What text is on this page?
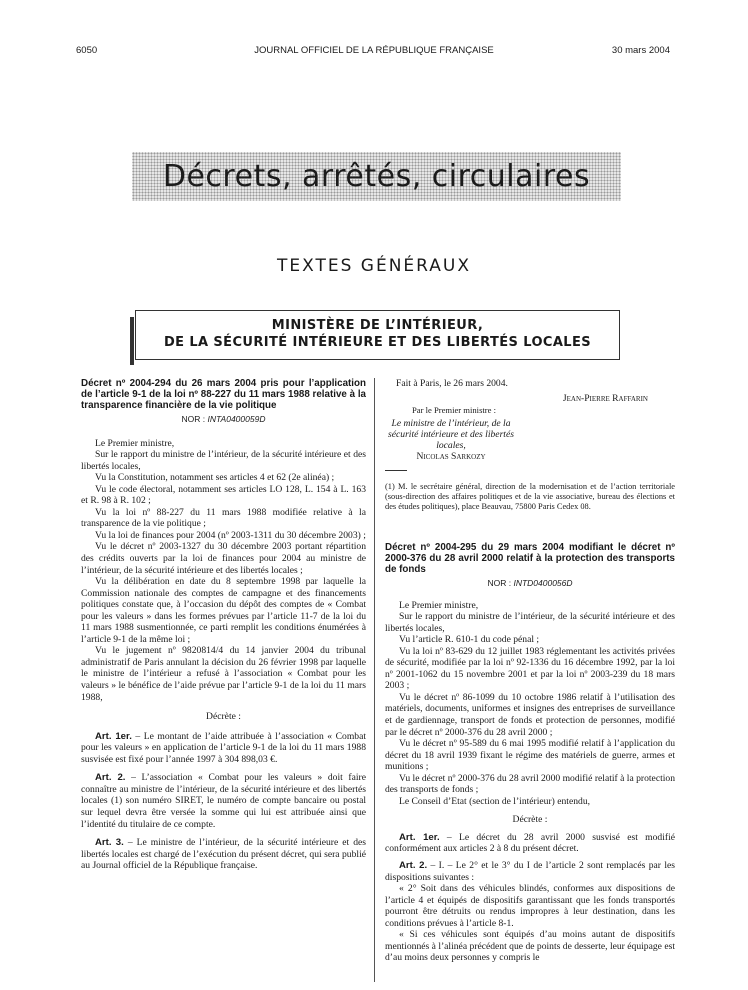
6050	JOURNAL OFFICIEL DE LA RÉPUBLIQUE FRANÇAISE	30 mars 2004
Décrets, arrêtés, circulaires
TEXTES GÉNÉRAUX
MINISTÈRE DE L’INTÉRIEUR,
DE LA SÉCURITÉ INTÉRIEURE ET DES LIBERTÉS LOCALES
Décret nº 2004-294 du 26 mars 2004 pris pour l’application de l’article 9-1 de la loi nº 88-227 du 11 mars 1988 relative à la transparence financière de la vie politique
NOR : INTA0400059D

Le Premier ministre,

Sur le rapport du ministre de l’intérieur, de la sécurité intérieure et des libertés locales,

Vu la Constitution, notamment ses articles 4 et 62 (2e alinéa) ;

Vu le code électoral, notamment ses articles LO 128, L. 154 à L. 163 et R. 98 à R. 102 ;

Vu la loi nº 88-227 du 11 mars 1988 modifiée relative à la transparence de la vie politique ;

Vu la loi de finances pour 2004 (nº 2003-1311 du 30 décembre 2003) ;

Vu le décret nº 2003-1327 du 30 décembre 2003 portant répartition des crédits ouverts par la loi de finances pour 2004 au ministre de l’intérieur, de la sécurité intérieure et des libertés locales ;

Vu la délibération en date du 8 septembre 1998 par laquelle la Commission nationale des comptes de campagne et des financements politiques constate que, à l’occasion du dépôt des comptes de « Combat pour les valeurs » dans les formes prévues par l’article 11-7 de la loi du 11 mars 1988 susmentionnée, ce parti remplit les conditions énumérées à l’article 9-1 de la même loi ;

Vu le jugement nº 9820814/4 du 14 janvier 2004 du tribunal administratif de Paris annulant la décision du 26 février 1998 par laquelle le ministre de l’intérieur a refusé à l’association « Combat pour les valeurs » le bénéfice de l’aide prévue par l’article 9-1 de la loi du 11 mars 1988,

Décrète :

Art. 1er. – Le montant de l’aide attribuée à l’association « Combat pour les valeurs » en application de l’article 9-1 de la loi du 11 mars 1988 susvisée est fixé pour l’année 1997 à 304 898,03 €.

Art. 2. – L’association « Combat pour les valeurs » doit faire connaître au ministre de l’intérieur, de la sécurité intérieure et des libertés locales (1) son numéro SIRET, le numéro de compte bancaire ou postal sur lequel devra être versée la somme qui lui est attribuée ainsi que l’identité du titulaire de ce compte.

Art. 3. – Le ministre de l’intérieur, de la sécurité intérieure et des libertés locales est chargé de l’exécution du présent décret, qui sera publié au Journal officiel de la République française.

Fait à Paris, le 26 mars 2004.
Jean-Pierre Raffarin
Par le Premier ministre :
Le ministre de l’intérieur, de la sécurité intérieure et des libertés locales,
Nicolas Sarkozy
(1) M. le secrétaire général, direction de la modernisation et de l’action territoriale (sous-direction des affaires politiques et de la vie associative, bureau des élections et des études politiques), place Beauvau, 75800 Paris Cedex 08.
Décret nº 2004-295 du 29 mars 2004 modifiant le décret nº 2000-376 du 28 avril 2000 relatif à la protection des transports de fonds
NOR : INTD0400056D

Le Premier ministre,

Sur le rapport du ministre de l’intérieur, de la sécurité intérieure et des libertés locales,

Vu l’article R. 610-1 du code pénal ;

Vu la loi nº 83-629 du 12 juillet 1983 réglementant les activités privées de sécurité, modifiée par la loi nº 92-1336 du 16 décembre 1992, par la loi nº 2001-1062 du 15 novembre 2001 et par la loi nº 2003-239 du 18 mars 2003 ;

Vu le décret nº 86-1099 du 10 octobre 1986 relatif à l’utilisation des matériels, documents, uniformes et insignes des entreprises de surveillance et de gardiennage, transport de fonds et protection de personnes, modifié par le décret nº 2000-376 du 28 avril 2000 ;

Vu le décret nº 95-589 du 6 mai 1995 modifié relatif à l’application du décret du 18 avril 1939 fixant le régime des matériels de guerre, armes et munitions ;

Vu le décret nº 2000-376 du 28 avril 2000 modifié relatif à la protection des transports de fonds ;

Le Conseil d’Etat (section de l’intérieur) entendu,

Décrète :

Art. 1er. – Le décret du 28 avril 2000 susvisé est modifié conformément aux articles 2 à 8 du présent décret.

Art. 2. – I. – Le 2° et le 3° du I de l’article 2 sont remplacés par les dispositions suivantes :

« 2° Soit dans des véhicules blindés, conformes aux dispositions de l’article 4 et équipés de dispositifs garantissant que les fonds transportés pourront être détruits ou rendus impropres à leur destination, dans les conditions prévues à l’article 8-1.

« Si ces véhicules sont équipés d’au moins autant de dispositifs mentionnés à l’alinéa précédent que de points de desserte, leur équipage est d’au moins deux personnes y compris le
